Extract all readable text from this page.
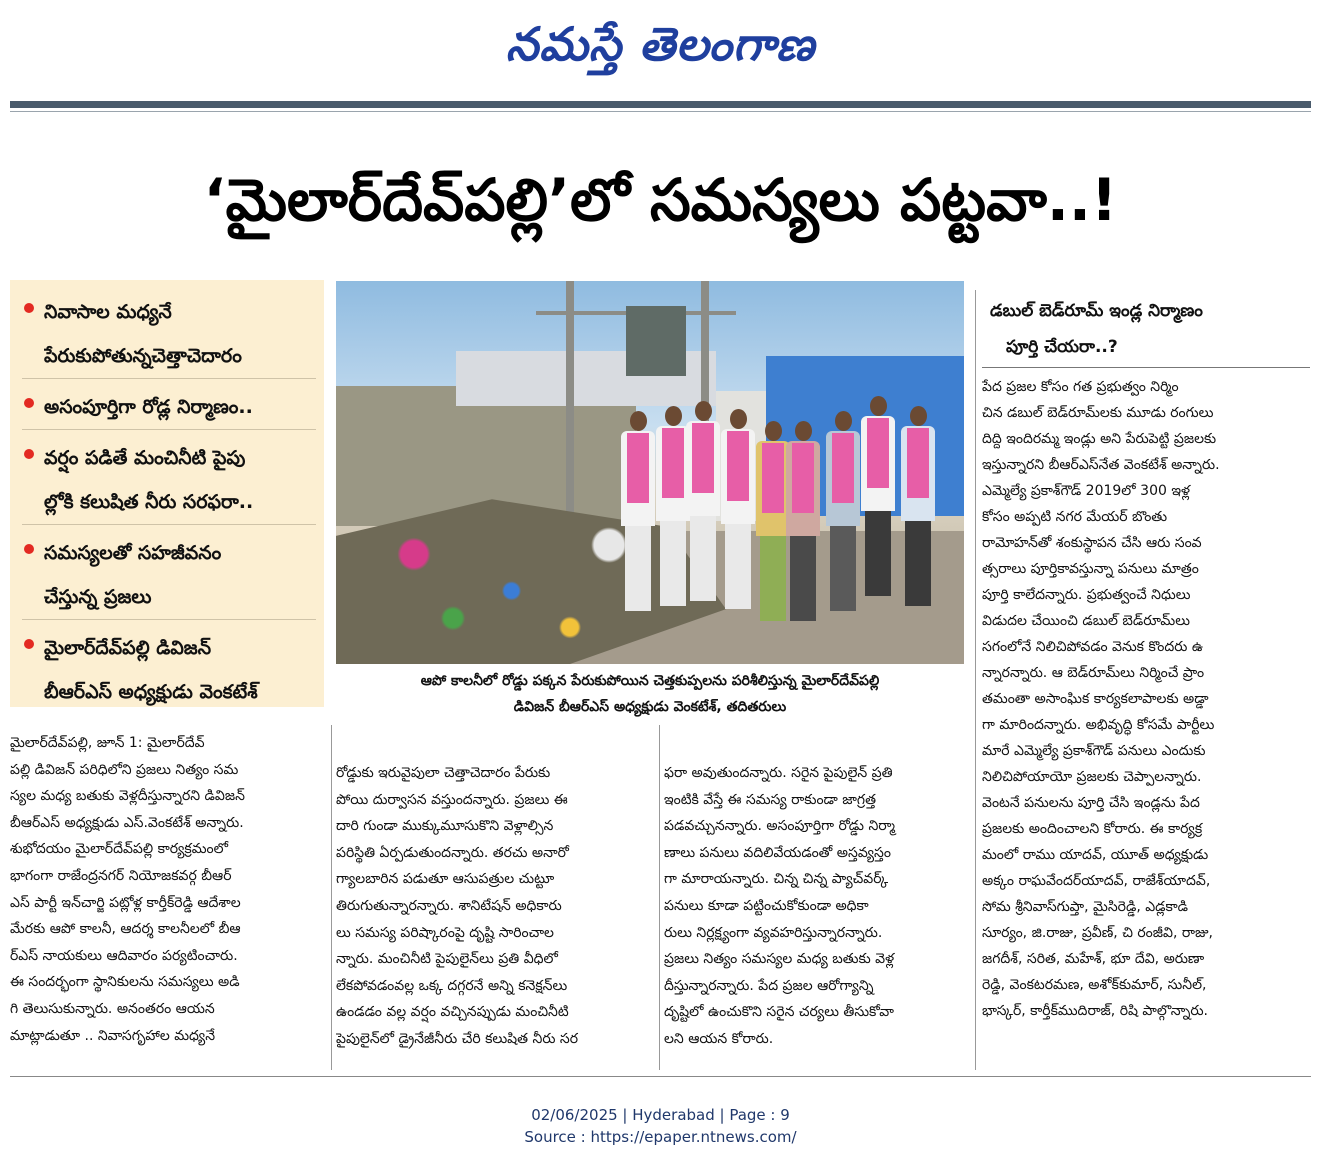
నమస్తే తెలంగాణ
‘మైలార్‌దేవ్‌పల్లి’లో సమస్యలు పట్టవా..!
నివాసాల మధ్యనే
పేరుకుపోతున్నచెత్తాచెదారం
అసంపూర్తిగా రోడ్ల నిర్మాణం..
వర్షం పడితే మంచినీటి పైపు
ల్లోకి కలుషిత నీరు సరఫరా..
సమస్యలతో సహజీవనం
చేస్తున్న ప్రజలు
మైలార్‌దేవ్‌పల్లి డివిజన్
బీఆర్‌ఎస్ అధ్యక్షుడు వెంకటేశ్	ఆపో కాలనీలో రోడ్డు పక్కన పేరుకుపోయిన చెత్తకుప్పలను పరిశీలిస్తున్న మైలార్‌దేవ్‌పల్లి
డివిజన్ బీఆర్‌ఎస్ అధ్యక్షుడు వెంకటేశ్, తదితరులు
డబుల్ బెడ్‌రూమ్ ఇండ్ల నిర్మాణం
పూర్తి చేయరా..?
పేద ప్రజల కోసం గత ప్రభుత్వం నిర్మిం
చిన డబుల్ బెడ్‌రూమ్‌లకు మూడు రంగులు
దిద్ది ఇందిరమ్మ ఇండ్లు అని పేరుపెట్టి ప్రజలకు
ఇస్తున్నారని బీఆర్‌ఎస్‌నేత వెంకటేశ్ అన్నారు.
ఎమ్మెల్యే ప్రకాశ్‌గౌడ్ 2019లో 300 ఇళ్ల
కోసం అప్పటి నగర మేయర్ బొంతు
రామోహన్‌తో శంకుస్థాపన చేసి ఆరు సంవ
త్సరాలు పూర్తికావస్తున్నా పనులు మాత్రం
పూర్తి కాలేదన్నారు. ప్రభుత్వంచే నిధులు
విడుదల చేయించి డబుల్ బెడ్‌రూమ్‌లు
సగంలోనే నిలిచిపోవడం వెనుక కొందరు ఉ
న్నారన్నారు. ఆ బెడ్‌రూమ్‌లు నిర్మించే ప్రాం
తమంతా అసాంఘిక కార్యకలాపాలకు అడ్డా
గా మారిందన్నారు. అభివృద్ధి కోసమే పార్టీలు
మారే ఎమ్మెల్యే ప్రకాశ్‌గౌడ్ పనులు ఎందుకు
నిలిచిపోయాయో ప్రజలకు చెప్పాలన్నారు.
వెంటనే పనులను పూర్తి చేసి ఇండ్లను పేద
ప్రజలకు అందించాలని కోరారు. ఈ కార్యక్ర
మంలో రాము యాదవ్, యూత్ అధ్యక్షుడు
అక్కం రాఘవేందర్‌యాదవ్, రాజేశ్‌యాదవ్,
సోమ శ్రీనివాస్‌గుప్తా, మైసిరెడ్డి, ఎడ్లకాడి
సూర్యం, జి.రాజు, ప్రవీణ్, చి రంజీవి, రాజు,
జగదీశ్, సరిత, మహేశ్, భూ దేవి, అరుణా
రెడ్డి, వెంకటరమణ, అశోక్‌కుమార్, సునీల్,
భాస్కర్, కార్తీక్‌ముదిరాజ్, రిషి పాల్గొన్నారు.
మైలార్‌దేవ్‌పల్లి, జూన్ 1: మైలార్‌దేవ్
పల్లి డివిజన్ పరిధిలోని ప్రజలు నిత్యం సమ
స్యల మధ్య బతుకు వెళ్లదీస్తున్నారని డివిజన్
బీఆర్‌ఎస్ అధ్యక్షుడు ఎస్.వెంకటేశ్ అన్నారు.
శుభోదయం మైలార్‌దేవ్‌పల్లి కార్యక్రమంలో
భాగంగా రాజేంద్రనగర్ నియోజకవర్గ బీఆర్
ఎస్ పార్టీ ఇన్‌చార్జి పట్లోళ్ల కార్తీక్‌రెడ్డి ఆదేశాల
మేరకు ఆపో కాలనీ, ఆదర్శ కాలనీలలో బీఆ
ర్‌ఎస్ నాయకులు ఆదివారం పర్యటించారు.
ఈ సందర్భంగా స్థానికులను సమస్యలు అడి
గి తెలుసుకున్నారు. అనంతరం ఆయన
మాట్లాడుతూ .. నివాసగృహాల మధ్యనే
రోడ్డుకు ఇరువైపులా చెత్తాచెదారం పేరుకు
పోయి దుర్వాసన వస్తుందన్నారు. ప్రజలు ఈ
దారి గుండా ముక్కుమూసుకొని వెళ్లాల్సిన
పరిస్థితి ఏర్పడుతుందన్నారు. తరచు అనారో
గ్యాలబారిన పడుతూ ఆసుపత్రుల చుట్టూ
తిరుగుతున్నారన్నారు. శానిటేషన్ అధికారు
లు సమస్య పరిష్కారంపై దృష్టి సారించాల
న్నారు. మంచినీటి పైపులైన్‌లు ప్రతి వీధిలో
లేకపోవడంవల్ల ఒక్క దగ్గరనే అన్ని కనెక్షన్‌లు
ఉండడం వల్ల వర్షం వచ్చినప్పుడు మంచినీటి
పైపులైన్‌లో డ్రైనేజీనీరు చేరి కలుషిత నీరు సర
ఫరా అవుతుందన్నారు. సరైన పైపులైన్ ప్రతి
ఇంటికి వేస్తే ఈ సమస్య రాకుండా జాగ్రత్త
పడవచ్చునన్నారు. అసంపూర్తిగా రోడ్డు నిర్మా
ణాలు పనులు వదిలివేయడంతో అస్తవ్యస్తం
గా మారాయన్నారు. చిన్న చిన్న ప్యాచ్‌వర్క్
పనులు కూడా పట్టించుకోకుండా అధికా
రులు నిర్లక్ష్యంగా వ్యవహరిస్తున్నారన్నారు.
ప్రజలు నిత్యం సమస్యల మధ్య బతుకు వెళ్ల
దీస్తున్నారన్నారు. పేద ప్రజల ఆరోగ్యాన్ని
దృష్టిలో ఉంచుకొని సరైన చర్యలు తీసుకోవా
లని ఆయన కోరారు.
02/06/2025 | Hyderabad | Page : 9
Source : https://epaper.ntnews.com/
